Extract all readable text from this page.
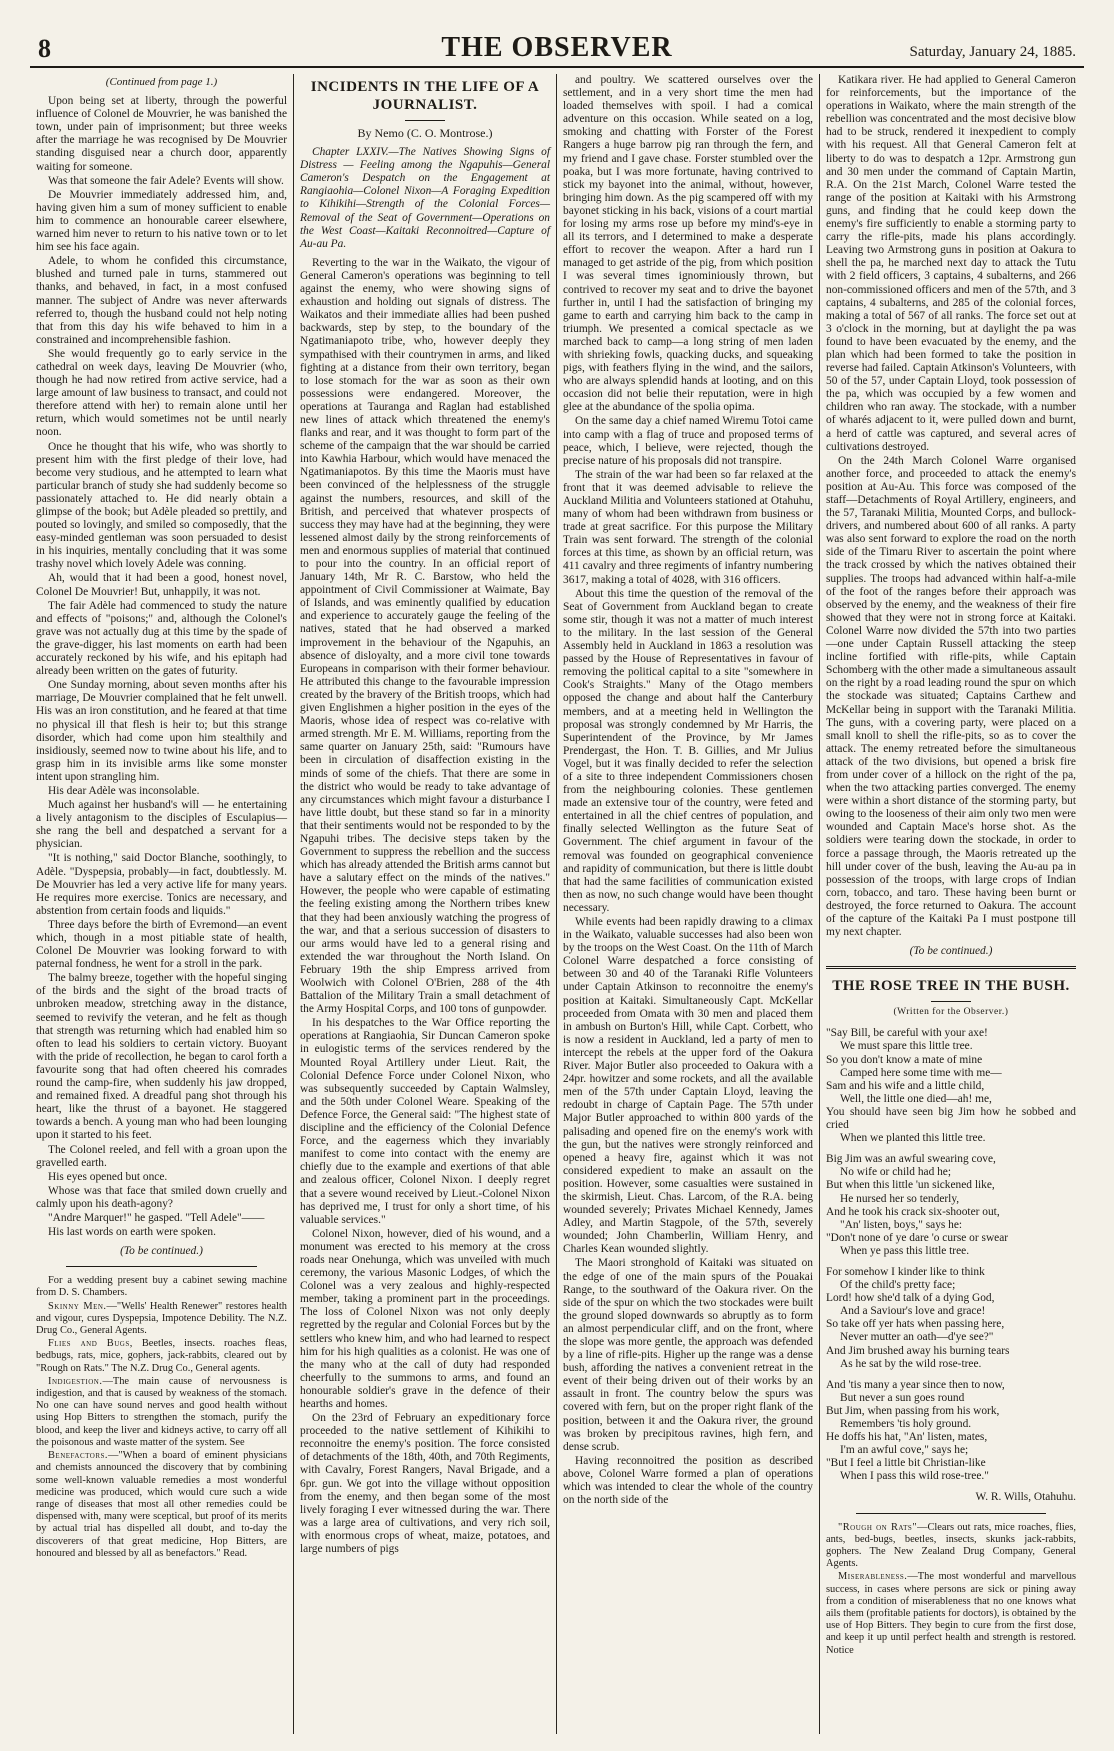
8	THE OBSERVER	Saturday, January 24, 1885.

(Continued from page 1.)

Upon being set at liberty, through the powerful influence of Colonel de Mouvrier, he was banished the town, under pain of imprisonment; but three weeks after the marriage he was recognised by De Mouvrier standing disguised near a church door, apparently waiting for someone.

Was that someone the fair Adele? Events will show.

De Mouvrier immediately addressed him, and, having given him a sum of money sufficient to enable him to commence an honourable career elsewhere, warned him never to return to his native town or to let him see his face again.

Adele, to whom he confided this circumstance, blushed and turned pale in turns, stammered out thanks, and behaved, in fact, in a most confused manner. The subject of Andre was never afterwards referred to, though the husband could not help noting that from this day his wife behaved to him in a constrained and incomprehensible fashion.

She would frequently go to early service in the cathedral on week days, leaving De Mouvrier (who, though he had now retired from active service, had a large amount of law business to transact, and could not therefore attend with her) to remain alone until her return, which would sometimes not be until nearly noon.

Once he thought that his wife, who was shortly to present him with the first pledge of their love, had become very studious, and he attempted to learn what particular branch of study she had suddenly become so passionately attached to. He did nearly obtain a glimpse of the book; but Adèle pleaded so prettily, and pouted so lovingly, and smiled so composedly, that the easy-minded gentleman was soon persuaded to desist in his inquiries, mentally concluding that it was some trashy novel which lovely Adele was conning.

Ah, would that it had been a good, honest novel, Colonel De Mouvrier! But, unhappily, it was not.

The fair Adèle had commenced to study the nature and effects of "poisons;" and, although the Colonel's grave was not actually dug at this time by the spade of the grave-digger, his last moments on earth had been accurately reckoned by his wife, and his epitaph had already been written on the gates of futurity.

One Sunday morning, about seven months after his marriage, De Mouvrier complained that he felt unwell. His was an iron constitution, and he feared at that time no physical ill that flesh is heir to; but this strange disorder, which had come upon him stealthily and insidiously, seemed now to twine about his life, and to grasp him in its invisible arms like some monster intent upon strangling him.

His dear Adèle was inconsolable.

Much against her husband's will — he entertaining a lively antagonism to the disciples of Esculapius—she rang the bell and despatched a servant for a physician.

"It is nothing," said Doctor Blanche, soothingly, to Adèle. "Dyspepsia, probably—in fact, doubtlessly. M. De Mouvrier has led a very active life for many years. He requires more exercise. Tonics are necessary, and abstention from certain foods and liquids."

Three days before the birth of Evremond—an event which, though in a most pitiable state of health, Colonel De Mouvrier was looking forward to with paternal fondness, he went for a stroll in the park.

The balmy breeze, together with the hopeful singing of the birds and the sight of the broad tracts of unbroken meadow, stretching away in the distance, seemed to revivify the veteran, and he felt as though that strength was returning which had enabled him so often to lead his soldiers to certain victory. Buoyant with the pride of recollection, he began to carol forth a favourite song that had often cheered his comrades round the camp-fire, when suddenly his jaw dropped, and remained fixed. A dreadful pang shot through his heart, like the thrust of a bayonet. He staggered towards a bench. A young man who had been lounging upon it started to his feet.

The Colonel reeled, and fell with a groan upon the gravelled earth.

His eyes opened but once.

Whose was that face that smiled down cruelly and calmly upon his death-agony?

"Andre Marquer!" he gasped. "Tell Adele"——

His last words on earth were spoken.

(To be continued.)

For a wedding present buy a cabinet sewing machine from D. S. Chambers.

Skinny Men.—"Wells' Health Renewer" restores health and vigour, cures Dyspepsia, Impotence Debility. The N.Z. Drug Co., General Agents.

Flies and Bugs, Beetles, insects. roaches fleas, bedbugs, rats, mice, gophers, jack-rabbits, cleared out by "Rough on Rats." The N.Z. Drug Co., General agents.

Indigestion.—The main cause of nervousness is indigestion, and that is caused by weakness of the stomach. No one can have sound nerves and good health without using Hop Bitters to strengthen the stomach, purify the blood, and keep the liver and kidneys active, to carry off all the poisonous and waste matter of the system. See

Benefactors.—"When a board of eminent physicians and chemists announced the discovery that by combining some well-known valuable remedies a most wonderful medicine was produced, which would cure such a wide range of diseases that most all other remedies could be dispensed with, many were sceptical, but proof of its merits by actual trial has dispelled all doubt, and to-day the discoverers of that great medicine, Hop Bitters, are honoured and blessed by all as benefactors." Read.

INCIDENTS IN THE LIFE OF A JOURNALIST.

By Nemo (C. O. Montrose.)

Chapter LXXIV.—The Natives Showing Signs of Distress — Feeling among the Ngapuhis—General Cameron's Despatch on the Engagement at Rangiaohia—Colonel Nixon—A Foraging Expedition to Kihikihi—Strength of the Colonial Forces—Removal of the Seat of Government—Operations on the West Coast—Kaitaki Reconnoitred—Capture of Au-au Pa.

Reverting to the war in the Waikato, the vigour of General Cameron's operations was beginning to tell against the enemy, who were showing signs of exhaustion and holding out signals of distress. The Waikatos and their immediate allies had been pushed backwards, step by step, to the boundary of the Ngatimaniapoto tribe, who, however deeply they sympathised with their countrymen in arms, and liked fighting at a distance from their own territory, began to lose stomach for the war as soon as their own possessions were endangered. Moreover, the operations at Tauranga and Raglan had established new lines of attack which threatened the enemy's flanks and rear, and it was thought to form part of the scheme of the campaign that the war should be carried into Kawhia Harbour, which would have menaced the Ngatimaniapotos. By this time the Maoris must have been convinced of the helplessness of the struggle against the numbers, resources, and skill of the British, and perceived that whatever prospects of success they may have had at the beginning, they were lessened almost daily by the strong reinforcements of men and enormous supplies of material that continued to pour into the country. In an official report of January 14th, Mr R. C. Barstow, who held the appointment of Civil Commissioner at Waimate, Bay of Islands, and was eminently qualified by education and experience to accurately gauge the feeling of the natives, stated that he had observed a marked improvement in the behaviour of the Ngapuhis, an absence of disloyalty, and a more civil tone towards Europeans in comparison with their former behaviour. He attributed this change to the favourable impression created by the bravery of the British troops, which had given Englishmen a higher position in the eyes of the Maoris, whose idea of respect was co-relative with armed strength. Mr E. M. Williams, reporting from the same quarter on January 25th, said: "Rumours have been in circulation of disaffection existing in the minds of some of the chiefs. That there are some in the district who would be ready to take advantage of any circumstances which might favour a disturbance I have little doubt, but these stand so far in a minority that their sentiments would not be responded to by the Ngapuhi tribes. The decisive steps taken by the Government to suppress the rebellion and the success which has already attended the British arms cannot but have a salutary effect on the minds of the natives." However, the people who were capable of estimating the feeling existing among the Northern tribes knew that they had been anxiously watching the progress of the war, and that a serious succession of disasters to our arms would have led to a general rising and extended the war throughout the North Island. On February 19th the ship Empress arrived from Woolwich with Colonel O'Brien, 288 of the 4th Battalion of the Military Train a small detachment of the Army Hospital Corps, and 100 tons of gunpowder.

In his despatches to the War Office reporting the operations at Rangiaohia, Sir Duncan Cameron spoke in eulogistic terms of the services rendered by the Mounted Royal Artillery under Lieut. Rait, the Colonial Defence Force under Colonel Nixon, who was subsequently succeeded by Captain Walmsley, and the 50th under Colonel Weare. Speaking of the Defence Force, the General said: "The highest state of discipline and the efficiency of the Colonial Defence Force, and the eagerness which they invariably manifest to come into contact with the enemy are chiefly due to the example and exertions of that able and zealous officer, Colonel Nixon. I deeply regret that a severe wound received by Lieut.-Colonel Nixon has deprived me, I trust for only a short time, of his valuable services."

Colonel Nixon, however, died of his wound, and a monument was erected to his memory at the cross roads near Onehunga, which was unveiled with much ceremony, the various Masonic Lodges, of which the Colonel was a very zealous and highly-respected member, taking a prominent part in the proceedings. The loss of Colonel Nixon was not only deeply regretted by the regular and Colonial Forces but by the settlers who knew him, and who had learned to respect him for his high qualities as a colonist. He was one of the many who at the call of duty had responded cheerfully to the summons to arms, and found an honourable soldier's grave in the defence of their hearths and homes.

On the 23rd of February an expeditionary force proceeded to the native settlement of Kihikihi to reconnoitre the enemy's position. The force consisted of detachments of the 18th, 40th, and 70th Regiments, with Cavalry, Forest Rangers, Naval Brigade, and a 6pr. gun. We got into the village without opposition from the enemy, and then began some of the most lively foraging I ever witnessed during the war. There was a large area of cultivations, and very rich soil, with enormous crops of wheat, maize, potatoes, and large numbers of pigs

and poultry. We scattered ourselves over the settlement, and in a very short time the men had loaded themselves with spoil. I had a comical adventure on this occasion. While seated on a log, smoking and chatting with Forster of the Forest Rangers a huge barrow pig ran through the fern, and my friend and I gave chase. Forster stumbled over the poaka, but I was more fortunate, having contrived to stick my bayonet into the animal, without, however, bringing him down. As the pig scampered off with my bayonet sticking in his back, visions of a court martial for losing my arms rose up before my mind's-eye in all its terrors, and I determined to make a desperate effort to recover the weapon. After a hard run I managed to get astride of the pig, from which position I was several times ignominiously thrown, but contrived to recover my seat and to drive the bayonet further in, until I had the satisfaction of bringing my game to earth and carrying him back to the camp in triumph. We presented a comical spectacle as we marched back to camp—a long string of men laden with shrieking fowls, quacking ducks, and squeaking pigs, with feathers flying in the wind, and the sailors, who are always splendid hands at looting, and on this occasion did not belie their reputation, were in high glee at the abundance of the spolia opima.

On the same day a chief named Wiremu Totoi came into camp with a flag of truce and proposed terms of peace, which, I believe, were rejected, though the precise nature of his proposals did not transpire.

The strain of the war had been so far relaxed at the front that it was deemed advisable to relieve the Auckland Militia and Volunteers stationed at Otahuhu, many of whom had been withdrawn from business or trade at great sacrifice. For this purpose the Military Train was sent forward. The strength of the colonial forces at this time, as shown by an official return, was 411 cavalry and three regiments of infantry numbering 3617, making a total of 4028, with 316 officers.

About this time the question of the removal of the Seat of Government from Auckland began to create some stir, though it was not a matter of much interest to the military. In the last session of the General Assembly held in Auckland in 1863 a resolution was passed by the House of Representatives in favour of removing the political capital to a site "somewhere in Cook's Straights." Many of the Otago members opposed the change and about half the Canterbury members, and at a meeting held in Wellington the proposal was strongly condemned by Mr Harris, the Superintendent of the Province, by Mr James Prendergast, the Hon. T. B. Gillies, and Mr Julius Vogel, but it was finally decided to refer the selection of a site to three independent Commissioners chosen from the neighbouring colonies. These gentlemen made an extensive tour of the country, were feted and entertained in all the chief centres of population, and finally selected Wellington as the future Seat of Government. The chief argument in favour of the removal was founded on geographical convenience and rapidity of communication, but there is little doubt that had the same facilities of communication existed then as now, no such change would have been thought necessary.

While events had been rapidly drawing to a climax in the Waikato, valuable successes had also been won by the troops on the West Coast. On the 11th of March Colonel Warre despatched a force consisting of between 30 and 40 of the Taranaki Rifle Volunteers under Captain Atkinson to reconnoitre the enemy's position at Kaitaki. Simultaneously Capt. McKellar proceeded from Omata with 30 men and placed them in ambush on Burton's Hill, while Capt. Corbett, who is now a resident in Auckland, led a party of men to intercept the rebels at the upper ford of the Oakura River. Major Butler also proceeded to Oakura with a 24pr. howitzer and some rockets, and all the available men of the 57th under Captain Lloyd, leaving the redoubt in charge of Captain Page. The 57th under Major Butler approached to within 800 yards of the palisading and opened fire on the enemy's work with the gun, but the natives were strongly reinforced and opened a heavy fire, against which it was not considered expedient to make an assault on the position. However, some casualties were sustained in the skirmish, Lieut. Chas. Larcom, of the R.A. being wounded severely; Privates Michael Kennedy, James Adley, and Martin Stagpole, of the 57th, severely wounded; John Chamberlin, William Henry, and Charles Kean wounded slightly.

The Maori stronghold of Kaitaki was situated on the edge of one of the main spurs of the Pouakai Range, to the southward of the Oakura river. On the side of the spur on which the two stockades were built the ground sloped downwards so abruptly as to form an almost perpendicular cliff, and on the front, where the slope was more gentle, the approach was defended by a line of rifle-pits. Higher up the range was a dense bush, affording the natives a convenient retreat in the event of their being driven out of their works by an assault in front. The country below the spurs was covered with fern, but on the proper right flank of the position, between it and the Oakura river, the ground was broken by precipitous ravines, high fern, and dense scrub.

Having reconnoitred the position as described above, Colonel Warre formed a plan of operations which was intended to clear the whole of the country on the north side of the

Katikara river. He had applied to General Cameron for reinforcements, but the importance of the operations in Waikato, where the main strength of the rebellion was concentrated and the most decisive blow had to be struck, rendered it inexpedient to comply with his request. All that General Cameron felt at liberty to do was to despatch a 12pr. Armstrong gun and 30 men under the command of Captain Martin, R.A. On the 21st March, Colonel Warre tested the range of the position at Kaitaki with his Armstrong guns, and finding that he could keep down the enemy's fire sufficiently to enable a storming party to carry the rifle-pits, made his plans accordingly. Leaving two Armstrong guns in position at Oakura to shell the pa, he marched next day to attack the Tutu with 2 field officers, 3 captains, 4 subalterns, and 266 non-commissioned officers and men of the 57th, and 3 captains, 4 subalterns, and 285 of the colonial forces, making a total of 567 of all ranks. The force set out at 3 o'clock in the morning, but at daylight the pa was found to have been evacuated by the enemy, and the plan which had been formed to take the position in reverse had failed. Captain Atkinson's Volunteers, with 50 of the 57, under Captain Lloyd, took possession of the pa, which was occupied by a few women and children who ran away. The stockade, with a number of wharés adjacent to it, were pulled down and burnt, a herd of cattle was captured, and several acres of cultivations destroyed.

On the 24th March Colonel Warre organised another force, and proceeded to attack the enemy's position at Au-Au. This force was composed of the staff—Detachments of Royal Artillery, engineers, and the 57, Taranaki Militia, Mounted Corps, and bullock-drivers, and numbered about 600 of all ranks. A party was also sent forward to explore the road on the north side of the Timaru River to ascertain the point where the track crossed by which the natives obtained their supplies. The troops had advanced within half-a-mile of the foot of the ranges before their approach was observed by the enemy, and the weakness of their fire showed that they were not in strong force at Kaitaki. Colonel Warre now divided the 57th into two parties—one under Captain Russell attacking the steep incline fortified with rifle-pits, while Captain Schomberg with the other made a simultaneous assault on the right by a road leading round the spur on which the stockade was situated; Captains Carthew and McKellar being in support with the Taranaki Militia. The guns, with a covering party, were placed on a small knoll to shell the rifle-pits, so as to cover the attack. The enemy retreated before the simultaneous attack of the two divisions, but opened a brisk fire from under cover of a hillock on the right of the pa, when the two attacking parties converged. The enemy were within a short distance of the storming party, but owing to the looseness of their aim only two men were wounded and Captain Mace's horse shot. As the soldiers were tearing down the stockade, in order to force a passage through, the Maoris retreated up the hill under cover of the bush, leaving the Au-au pa in possession of the troops, with large crops of Indian corn, tobacco, and taro. These having been burnt or destroyed, the force returned to Oakura. The account of the capture of the Kaitaki Pa I must postpone till my next chapter.

(To be continued.)

THE ROSE TREE IN THE BUSH.

(Written for the Observer.)

"Say Bill, be careful with your axe!
We must spare this little tree.
So you don't know a mate of mine
Camped here some time with me—
Sam and his wife and a little child,
Well, the little one died—ah! me,
You should have seen big Jim how he sobbed and cried
When we planted this little tree.
Big Jim was an awful swearing cove,
No wife or child had he;
But when this little 'un sickened like,
He nursed her so tenderly,
And he took his crack six-shooter out,
"An' listen, boys," says he:
"Don't none of ye dare 'o curse or swear
When ye pass this little tree.
For somehow I kinder like to think
Of the child's pretty face;
Lord! how she'd talk of a dying God,
And a Saviour's love and grace!
So take off yer hats when passing here,
Never mutter an oath—d'ye see?"
And Jim brushed away his burning tears
As he sat by the wild rose-tree.
And 'tis many a year since then to now,
But never a sun goes round
But Jim, when passing from his work,
Remembers 'tis holy ground.
He doffs his hat, "An' listen, mates,
I'm an awful cove," says he;
"But I feel a little bit Christian-like
When I pass this wild rose-tree."

W. R. Wills, Otahuhu.

"Rough on Rats"—Clears out rats, mice roaches, flies, ants, bed-bugs, beetles, insects, skunks jack-rabbits, gophers. The New Zealand Drug Company, General Agents.

Miserableness.—The most wonderful and marvellous success, in cases where persons are sick or pining away from a condition of miserableness that no one knows what ails them (profitable patients for doctors), is obtained by the use of Hop Bitters. They begin to cure from the first dose, and keep it up until perfect health and strength is restored. Notice
